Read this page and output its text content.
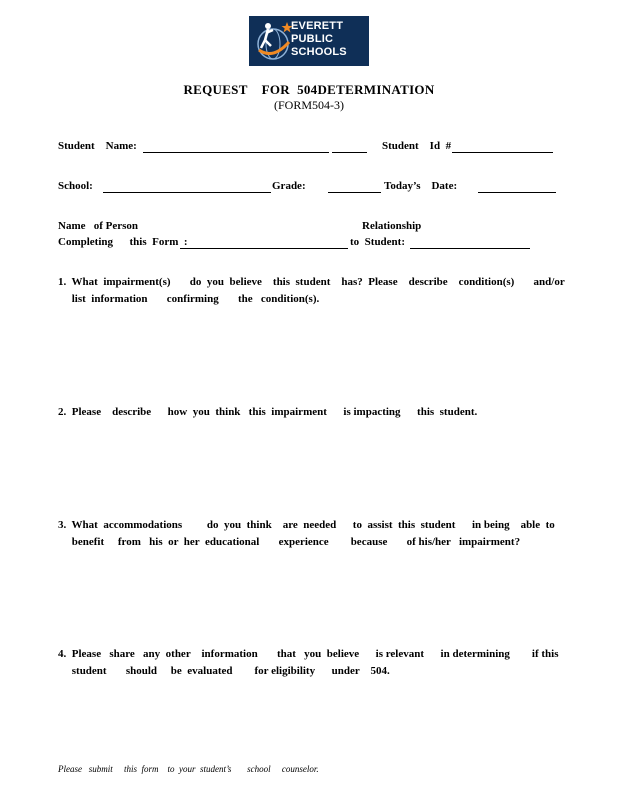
EVERETT
PUBLIC
SCHOOLS
REQUEST    FOR  504DETERMINATION
(FORM504-3)
Student    Name:	Student    Id  #
School:	Grade:	Today’s    Date:
Name   of Person
Completing      this  Form  :
Relationship
to  Student:
1.  What  impairment(s)       do  you  believe    this  student    has?  Please    describe    condition(s)       and/or
list  information       confirming       the   condition(s).
2.  Please    describe      how  you  think   this  impairment      is impacting      this  student.
3.  What  accommodations         do  you  think    are  needed      to  assist  this  student      in being    able  to
benefit     from   his  or  her  educational       experience        because       of his/her   impairment?
4.  Please   share   any  other    information       that   you  believe      is relevant      in determining        if this
student       should     be  evaluated        for eligibility      under    504.
Please   submit     this  form    to  your  student’s       school     counselor.
